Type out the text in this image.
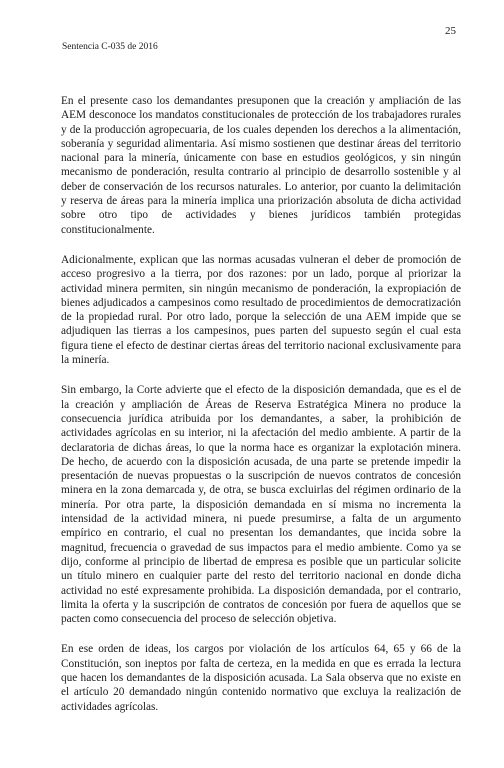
25
Sentencia C-035 de 2016

En el presente caso los demandantes presuponen que la creación y ampliación de las AEM desconoce los mandatos constitucionales de protección de los trabajadores rurales y de la producción agropecuaria, de los cuales dependen los derechos a la alimentación, soberanía y seguridad alimentaria. Así mismo sostienen que destinar áreas del territorio nacional para la minería, únicamente con base en estudios geológicos, y sin ningún mecanismo de ponderación, resulta contrario al principio de desarrollo sostenible y al deber de conservación de los recursos naturales. Lo anterior, por cuanto la delimitación y reserva de áreas para la minería implica una priorización absoluta de dicha actividad sobre otro tipo de actividades y bienes jurídicos también protegidas constitucionalmente.

Adicionalmente, explican que las normas acusadas vulneran el deber de promoción de acceso progresivo a la tierra, por dos razones: por un lado, porque al priorizar la actividad minera permiten, sin ningún mecanismo de ponderación, la expropiación de bienes adjudicados a campesinos como resultado de procedimientos de democratización de la propiedad rural. Por otro lado, porque la selección de una AEM impide que se adjudiquen las tierras a los campesinos, pues parten del supuesto según el cual esta figura tiene el efecto de destinar ciertas áreas del territorio nacional exclusivamente para la minería.

Sin embargo, la Corte advierte que el efecto de la disposición demandada, que es el de la creación y ampliación de Áreas de Reserva Estratégica Minera no produce la consecuencia jurídica atribuida por los demandantes, a saber, la prohibición de actividades agrícolas en su interior, ni la afectación del medio ambiente. A partir de la declaratoria de dichas áreas, lo que la norma hace es organizar la explotación minera. De hecho, de acuerdo con la disposición acusada, de una parte se pretende impedir la presentación de nuevas propuestas o la suscripción de nuevos contratos de concesión minera en la zona demarcada y, de otra, se busca excluirlas del régimen ordinario de la minería. Por otra parte, la disposición demandada en sí misma no incrementa la intensidad de la actividad minera, ni puede presumirse, a falta de un argumento empírico en contrario, el cual no presentan los demandantes, que incida sobre la magnitud, frecuencia o gravedad de sus impactos para el medio ambiente. Como ya se dijo, conforme al principio de libertad de empresa es posible que un particular solicite un título minero en cualquier parte del resto del territorio nacional en donde dicha actividad no esté expresamente prohibida. La disposición demandada, por el contrario, limita la oferta y la suscripción de contratos de concesión por fuera de aquellos que se pacten como consecuencia del proceso de selección objetiva.

En ese orden de ideas, los cargos por violación de los artículos 64, 65 y 66 de la Constitución, son ineptos por falta de certeza, en la medida en que es errada la lectura que hacen los demandantes de la disposición acusada. La Sala observa que no existe en el artículo 20 demandado ningún contenido normativo que excluya la realización de actividades agrícolas.
